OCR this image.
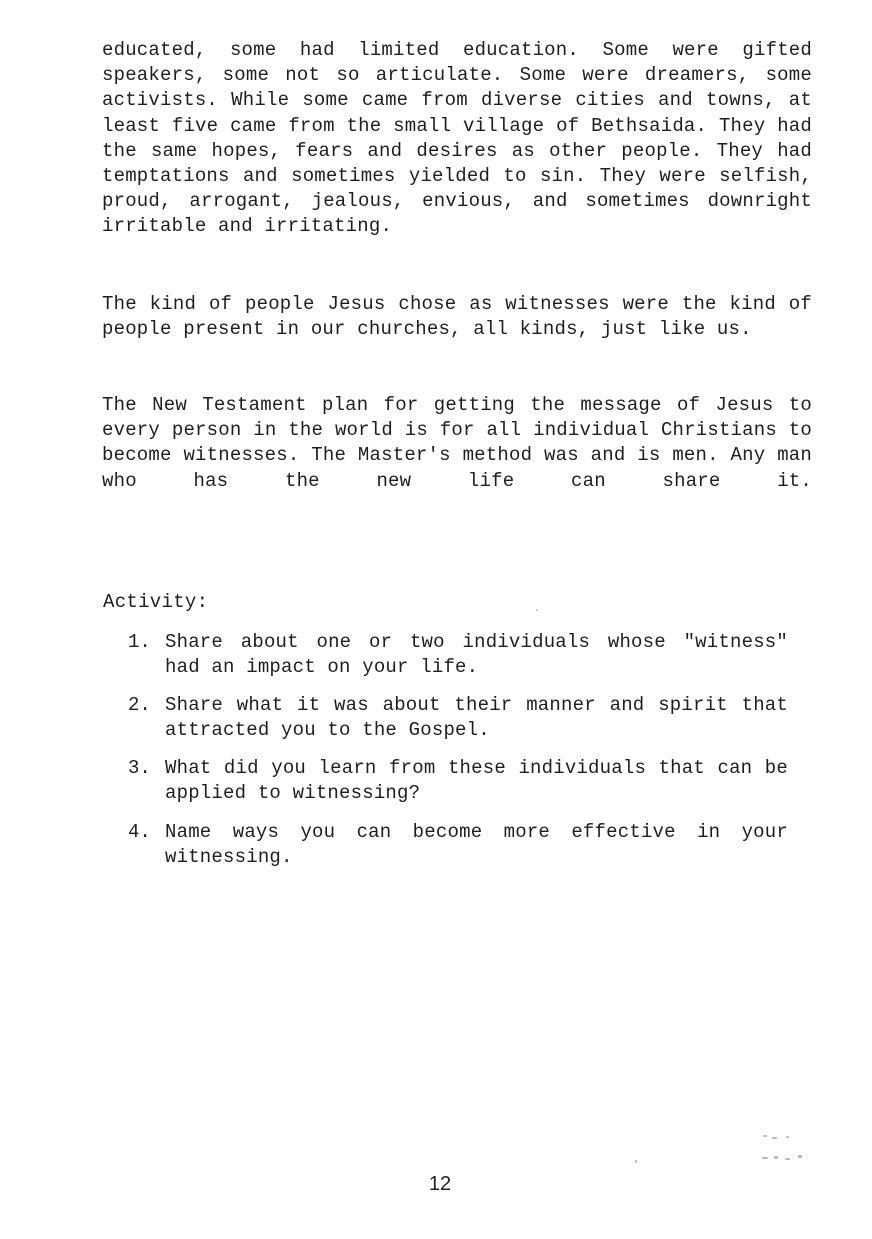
educated, some had limited education. Some were gifted speakers, some not so articulate. Some were dreamers, some activists. While some came from diverse cities and towns, at least five came from the small village of Bethsaida. They had the same hopes, fears and desires as other people. They had temptations and sometimes yielded to sin. They were selfish, proud, arrogant, jealous, envious, and sometimes downright irritable and irritating.

The kind of people Jesus chose as witnesses were the kind of people present in our churches, all kinds, just like us.

The New Testament plan for getting the message of Jesus to every person in the world is for all individual Christians to become witnesses. The Master's method was and is men. Any man who has the new life can share it.

Activity:

1. Share about one or two individuals whose "witness" had an impact on your life.
2. Share what it was about their manner and spirit that attracted you to the Gospel.
3. What did you learn from these individuals that can be applied to witnessing?
4. Name ways you can become more effective in your witnessing.
12
